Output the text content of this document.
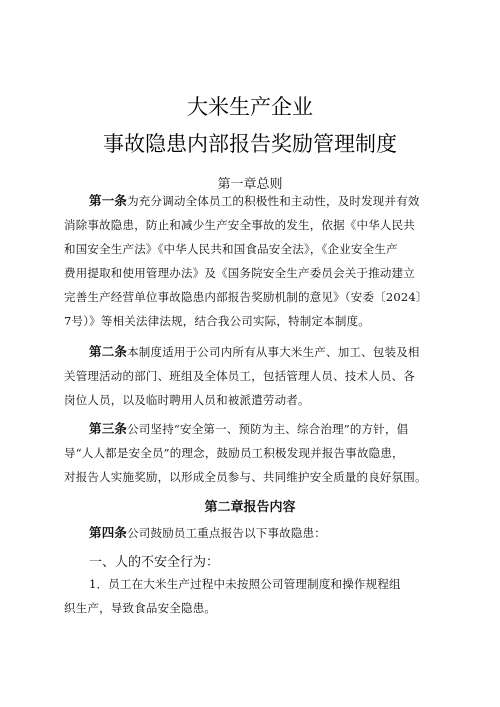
大米生产企业
事故隐患内部报告奖励管理制度
第一章总则
第一条为充分调动全体员工的积极性和主动性，及时发现并有效
消除事故隐患，防止和减少生产安全事故的发生，依据《中华人民共
和国安全生产法》《中华人民共和国食品安全法》，《企业安全生产
费用提取和使用管理办法》及《国务院安全生产委员会关于推动建立
完善生产经营单位事故隐患内部报告奖励机制的意见》（安委〔2024〕
7号）》等相关法律法规，结合我公司实际，特制定本制度。
第二条本制度适用于公司内所有从事大米生产、加工、包装及相
关管理活动的部门、班组及全体员工，包括管理人员、技术人员、各
岗位人员，以及临时聘用人员和被派遣劳动者。
第三条公司坚持“安全第一、预防为主、综合治理”的方针，倡
导“人人都是安全员”的理念，鼓励员工积极发现并报告事故隐患，
对报告人实施奖励，以形成全员参与、共同维护安全质量的良好氛围。
第二章报告内容
第四条公司鼓励员工重点报告以下事故隐患：
一、人的不安全行为：
1．员工在大米生产过程中未按照公司管理制度和操作规程组
织生产，导致食品安全隐患。
